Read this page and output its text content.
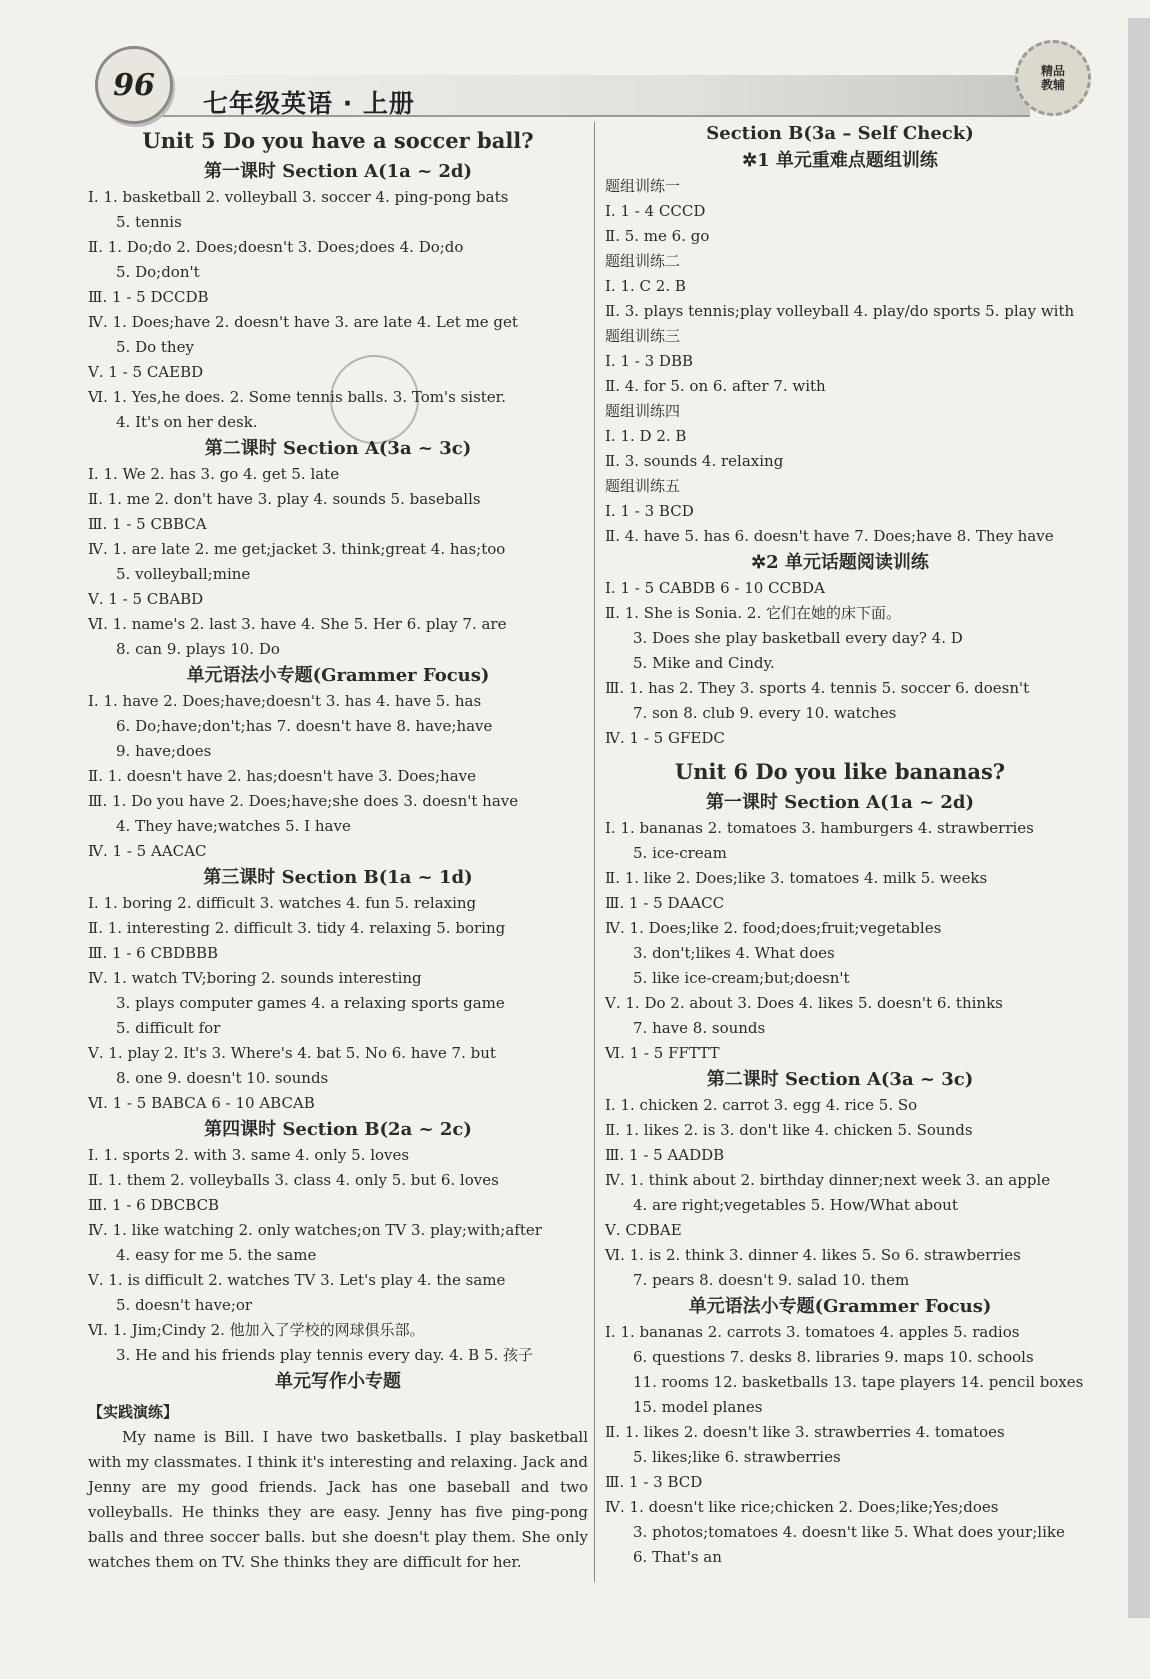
96
七年级英语 · 上册
精品
教辅
Unit 5 Do you have a soccer ball?
第一课时 Section A(1a ~ 2d)
Ⅰ. 1. basketball 2. volleyball 3. soccer 4. ping-pong bats
5. tennis
Ⅱ. 1. Do;do 2. Does;doesn't 3. Does;does 4. Do;do
5. Do;don't
Ⅲ. 1 - 5 DCCDB
Ⅳ. 1. Does;have 2. doesn't have 3. are late 4. Let me get
5. Do they
Ⅴ. 1 - 5 CAEBD
Ⅵ. 1. Yes,he does. 2. Some tennis balls. 3. Tom's sister.
4. It's on her desk.
第二课时 Section A(3a ~ 3c)
Ⅰ. 1. We 2. has 3. go 4. get 5. late
Ⅱ. 1. me 2. don't have 3. play 4. sounds 5. baseballs
Ⅲ. 1 - 5 CBBCA
Ⅳ. 1. are late 2. me get;jacket 3. think;great 4. has;too
5. volleyball;mine
Ⅴ. 1 - 5 CBABD
Ⅵ. 1. name's 2. last 3. have 4. She 5. Her 6. play 7. are
8. can 9. plays 10. Do
单元语法小专题(Grammer Focus)
Ⅰ. 1. have 2. Does;have;doesn't 3. has 4. have 5. has
6. Do;have;don't;has 7. doesn't have 8. have;have
9. have;does
Ⅱ. 1. doesn't have 2. has;doesn't have 3. Does;have
Ⅲ. 1. Do you have 2. Does;have;she does 3. doesn't have
4. They have;watches 5. I have
Ⅳ. 1 - 5 AACAC
第三课时 Section B(1a ~ 1d)
Ⅰ. 1. boring 2. difficult 3. watches 4. fun 5. relaxing
Ⅱ. 1. interesting 2. difficult 3. tidy 4. relaxing 5. boring
Ⅲ. 1 - 6 CBDBBB
Ⅳ. 1. watch TV;boring 2. sounds interesting
3. plays computer games 4. a relaxing sports game
5. difficult for
Ⅴ. 1. play 2. It's 3. Where's 4. bat 5. No 6. have 7. but
8. one 9. doesn't 10. sounds
Ⅵ. 1 - 5 BABCA 6 - 10 ABCAB
第四课时 Section B(2a ~ 2c)
Ⅰ. 1. sports 2. with 3. same 4. only 5. loves
Ⅱ. 1. them 2. volleyballs 3. class 4. only 5. but 6. loves
Ⅲ. 1 - 6 DBCBCB
Ⅳ. 1. like watching 2. only watches;on TV 3. play;with;after
4. easy for me 5. the same
Ⅴ. 1. is difficult 2. watches TV 3. Let's play 4. the same
5. doesn't have;or
Ⅵ. 1. Jim;Cindy 2. 他加入了学校的网球俱乐部。
3. He and his friends play tennis every day. 4. B 5. 孩子
单元写作小专题
【实践演练】
My name is Bill. I have two basketballs. I play basketball with my classmates. I think it's interesting and relaxing. Jack and Jenny are my good friends. Jack has one baseball and two volleyballs. He thinks they are easy. Jenny has five ping-pong balls and three soccer balls. but she doesn't play them. She only watches them on TV. She thinks they are difficult for her.
Section B(3a – Self Check)
✲1 单元重难点题组训练
题组训练一
Ⅰ. 1 - 4 CCCD
Ⅱ. 5. me 6. go
题组训练二
Ⅰ. 1. C 2. B
Ⅱ. 3. plays tennis;play volleyball 4. play/do sports 5. play with
题组训练三
Ⅰ. 1 - 3 DBB
Ⅱ. 4. for 5. on 6. after 7. with
题组训练四
Ⅰ. 1. D 2. B
Ⅱ. 3. sounds 4. relaxing
题组训练五
Ⅰ. 1 - 3 BCD
Ⅱ. 4. have 5. has 6. doesn't have 7. Does;have 8. They have
✲2 单元话题阅读训练
Ⅰ. 1 - 5 CABDB 6 - 10 CCBDA
Ⅱ. 1. She is Sonia. 2. 它们在她的床下面。
3. Does she play basketball every day? 4. D
5. Mike and Cindy.
Ⅲ. 1. has 2. They 3. sports 4. tennis 5. soccer 6. doesn't
7. son 8. club 9. every 10. watches
Ⅳ. 1 - 5 GFEDC
Unit 6 Do you like bananas?
第一课时 Section A(1a ~ 2d)
Ⅰ. 1. bananas 2. tomatoes 3. hamburgers 4. strawberries
5. ice-cream
Ⅱ. 1. like 2. Does;like 3. tomatoes 4. milk 5. weeks
Ⅲ. 1 - 5 DAACC
Ⅳ. 1. Does;like 2. food;does;fruit;vegetables
3. don't;likes 4. What does
5. like ice-cream;but;doesn't
Ⅴ. 1. Do 2. about 3. Does 4. likes 5. doesn't 6. thinks
7. have 8. sounds
Ⅵ. 1 - 5 FFTTT
第二课时 Section A(3a ~ 3c)
Ⅰ. 1. chicken 2. carrot 3. egg 4. rice 5. So
Ⅱ. 1. likes 2. is 3. don't like 4. chicken 5. Sounds
Ⅲ. 1 - 5 AADDB
Ⅳ. 1. think about 2. birthday dinner;next week 3. an apple
4. are right;vegetables 5. How/What about
Ⅴ. CDBAE
Ⅵ. 1. is 2. think 3. dinner 4. likes 5. So 6. strawberries
7. pears 8. doesn't 9. salad 10. them
单元语法小专题(Grammer Focus)
Ⅰ. 1. bananas 2. carrots 3. tomatoes 4. apples 5. radios
6. questions 7. desks 8. libraries 9. maps 10. schools
11. rooms 12. basketballs 13. tape players 14. pencil boxes
15. model planes
Ⅱ. 1. likes 2. doesn't like 3. strawberries 4. tomatoes
5. likes;like 6. strawberries
Ⅲ. 1 - 3 BCD
Ⅳ. 1. doesn't like rice;chicken 2. Does;like;Yes;does
3. photos;tomatoes 4. doesn't like 5. What does your;like
6. That's an
